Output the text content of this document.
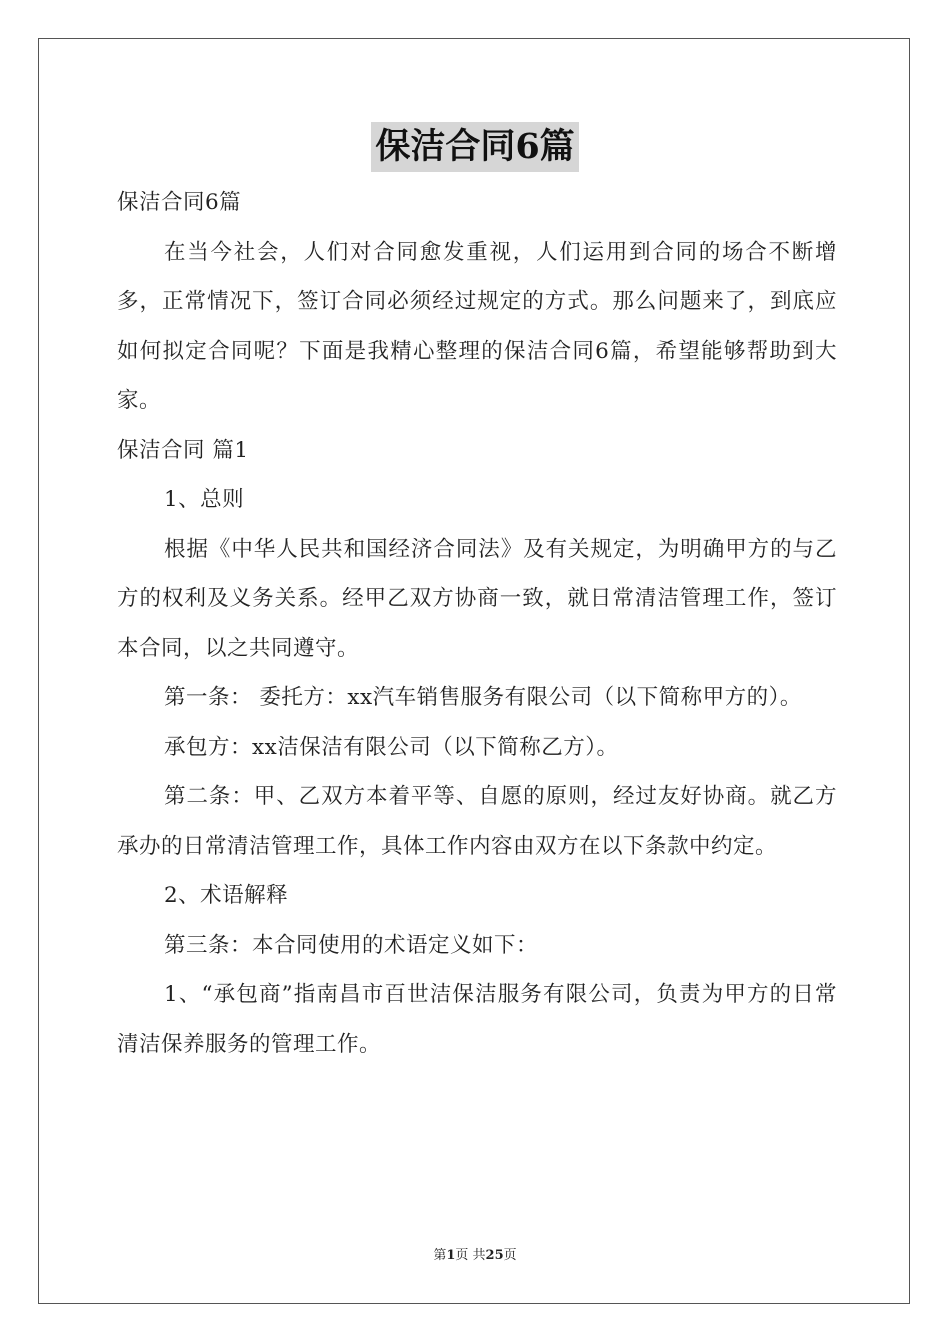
保洁合同6篇

保洁合同6篇

在当今社会，人们对合同愈发重视，人们运用到合同的场合不断增多，正常情况下，签订合同必须经过规定的方式。那么问题来了，到底应如何拟定合同呢？下面是我精心整理的保洁合同6篇，希望能够帮助到大家。

保洁合同 篇1

1、总则

根据《中华人民共和国经济合同法》及有关规定，为明确甲方的与乙方的权利及义务关系。经甲乙双方协商一致，就日常清洁管理工作，签订本合同，以之共同遵守。

第一条： 委托方：xx汽车销售服务有限公司（以下简称甲方的）。

承包方：xx洁保洁有限公司（以下简称乙方）。

第二条：甲、乙双方本着平等、自愿的原则，经过友好协商。就乙方承办的日常清洁管理工作，具体工作内容由双方在以下条款中约定。

2、术语解释

第三条：本合同使用的术语定义如下：

1、“承包商”指南昌市百世洁保洁服务有限公司，负责为甲方的日常清洁保养服务的管理工作。

第1页 共25页
